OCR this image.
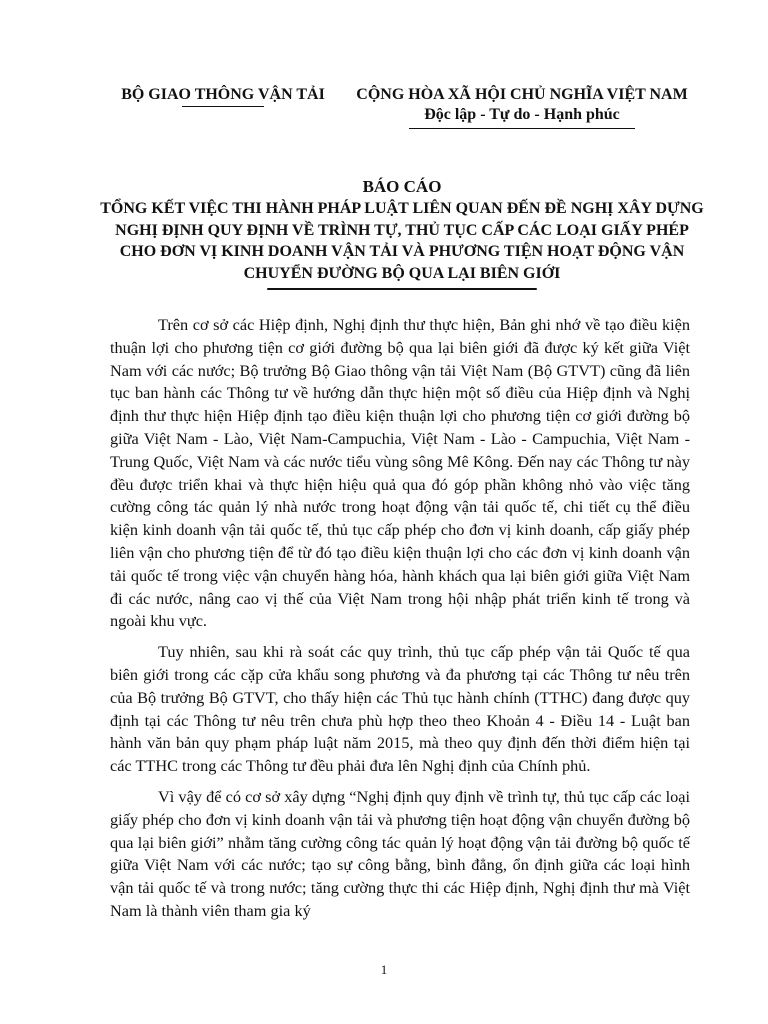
BỘ GIAO THÔNG VẬN TẢI	CỘNG HÒA XÃ HỘI CHỦ NGHĨA VIỆT NAM
Độc lập - Tự do - Hạnh phúc
BÁO CÁO
TỔNG KẾT VIỆC THI HÀNH PHÁP LUẬT LIÊN QUAN ĐẾN ĐỀ NGHỊ XÂY DỰNG NGHỊ ĐỊNH QUY ĐỊNH VỀ TRÌNH TỰ, THỦ TỤC CẤP CÁC LOẠI GIẤY PHÉP CHO ĐƠN VỊ KINH DOANH VẬN TẢI VÀ PHƯƠNG TIỆN HOẠT ĐỘNG VẬN CHUYỂN ĐƯỜNG BỘ QUA LẠI BIÊN GIỚI

Trên cơ sở các Hiệp định, Nghị định thư thực hiện, Bản ghi nhớ về tạo điều kiện thuận lợi cho phương tiện cơ giới đường bộ qua lại biên giới đã được ký kết giữa Việt Nam với các nước; Bộ trưởng Bộ Giao thông vận tải Việt Nam (Bộ GTVT) cũng đã liên tục ban hành các Thông tư về hướng dẫn thực hiện một số điều của Hiệp định và Nghị định thư thực hiện Hiệp định tạo điều kiện thuận lợi cho phương tiện cơ giới đường bộ giữa Việt Nam - Lào, Việt Nam-Campuchia, Việt Nam - Lào - Campuchia, Việt Nam - Trung Quốc, Việt Nam và các nước tiểu vùng sông Mê Kông. Đến nay các Thông tư này đều được triển khai và thực hiện hiệu quả qua đó góp phần không nhỏ vào việc tăng cường công tác quản lý nhà nước trong hoạt động vận tải quốc tế, chi tiết cụ thể điều kiện kinh doanh vận tải quốc tế, thủ tục cấp phép cho đơn vị kinh doanh, cấp giấy phép liên vận cho phương tiện để từ đó tạo điều kiện thuận lợi cho các đơn vị kinh doanh vận tải quốc tế trong việc vận chuyển hàng hóa, hành khách qua lại biên giới giữa Việt Nam đi các nước, nâng cao vị thế của Việt Nam trong hội nhập phát triển kinh tế trong và ngoài khu vực.

Tuy nhiên, sau khi rà soát các quy trình, thủ tục cấp phép vận tải Quốc tế qua biên giới trong các cặp cửa khẩu song phương và đa phương tại các Thông tư nêu trên của Bộ trưởng Bộ GTVT, cho thấy hiện các Thủ tục hành chính (TTHC) đang được quy định tại các Thông tư nêu trên chưa phù hợp theo theo Khoản 4 - Điều 14 - Luật ban hành văn bản quy phạm pháp luật năm 2015, mà theo quy định đến thời điểm hiện tại các TTHC trong các Thông tư đều phải đưa lên Nghị định của Chính phủ.

Vì vậy để có cơ sở xây dựng “Nghị định quy định về trình tự, thủ tục cấp các loại giấy phép cho đơn vị kinh doanh vận tải và phương tiện hoạt động vận chuyển đường bộ qua lại biên giới” nhằm tăng cường công tác quản lý hoạt động vận tải đường bộ quốc tế giữa Việt Nam với các nước; tạo sự công bằng, bình đẳng, ổn định giữa các loại hình vận tải quốc tế và trong nước; tăng cường thực thi các Hiệp định, Nghị định thư mà Việt Nam là thành viên tham gia ký

1
